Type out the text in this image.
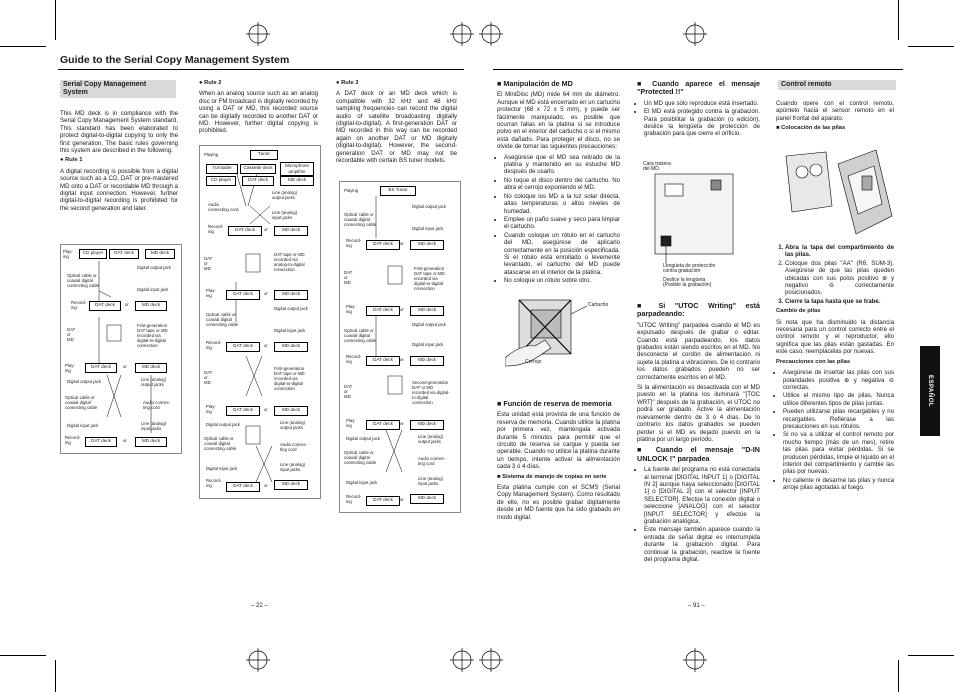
Guide to the Serial Copy Management System
Serial Copy Management System

This MD deck is in compliance with the Serial Copy Management System standard. This standard has been elaborated to protect digital-to-digital copying to only the first generation. The basic rules governing this system are described in the following.

● Rule 1

A digital recording is possible from a digital source such as a CD, DAT or pre-mastered MD onto a DAT or recordable MD through a digital input connection. However, further digital-to-digital recording is prohibited for the second generation and later.

● Rule 2

When an analog source such as an analog disc or FM broadcast is digitally recorded by using a DAT or MD, this recorded source can be digitally recorded to another DAT or MD. However, further digital copying is prohibited.

● Rule 3

A DAT deck or an MD deck which is compatible with 32 kHz and 48 kHz sampling frequencies can record the digital audio of satellite broadcasting digitally (digital-to-digital). A first-generation DAT or MD recorded in this way can be recorded again on another DAT or MD digitally (digital-to-digital). However, the second-generation DAT or MD may not be recordable with certain BS tuner models.

Play-
ing
CD player	DAT deck	MD deck
Digital output jack
Optical cable or
coaxial digital
connecting cable
Digital input jack
Record-
ing
DAT deck	or	MD deck
DAT
or
MD
First-generation
DAT tape or MD
recorded via
digital-to-digital
connection
Play-
ing
DAT deck	or	MD deck
Digital output jack	Line (analog)
output jacks
Optical cable or
coaxial digital
connecting cable
Audio connec-
ting cord
Digital input jack	Line (analog)
input jacks
Record-
ing	DAT deck	or	MD deck
Playing	Tuner
Turntable	Cassette deck	Microphone amplifier
CD player	DAT deck	MD deck
Line (analog)
output jacks
Audio
connecting cord
Line (analog)
input jacks
Record-
ing	DAT deck	or	MD deck
DAT
or
MD
DAT tape or MD
recorded via
analog-to-digital
connection
Play-
ing	DAT deck	or	MD deck
Digital output jack
Optical cable or
coaxial digital
connecting cable
Digital input jack
Record-
ing	DAT deck	or	MD deck
DAT
or
MD
First-generation
DAT tape or MD
recorded via
digital-to-digital
connection
Play-
ing	DAT deck	or	MD deck
Digital output jack	Line (analog)
output jacks
Optical cable or
coaxial digital
connecting cable
Audio connec-
ting cord
Digital input jack
Line (analog)
input jacks
Record-
ing	DAT deck	or	MD deck
Playing	BS Tuner
Digital output jack
Optical cable or
coaxial digital
connecting cable
Digital input jack
Record-
ing	DAT deck	or	MD deck
DAT
or
MD
First-generation
DAT tape or MD
recorded via
digital-to-digital
connection
Play-
ing	DAT deck	or	MD deck
Digital output jack
Optical cable or
coaxial digital
connecting cable
Digital input jack
Record-
ing	DAT deck	or	MD deck
DAT
or
MD
Second-generation
DAT or MD
recorded via digital-
to-digital
connection
Play-
ing	DAT deck	or	MD deck
Digital output jack	Line (analog)
output jacks
Optical cable or
coaxial digital
connecting cable
Audio connec-
ting cord
Digital input jack
Line (analog)
input jacks
Record-
ing	DAT deck	or	MD deck
– 22 –

■ Manipulación de MD

El MiniDisc (MD) mide 64 mm de diámetro. Aunque el MD está encerrado en un cartucho protector (68 x 72 x 5 mm), y puede ser fácilmente manipulado, es posible que ocurran fallas en la platina si se introduce polvo en el interior del cartucho o si el mismo está dañado. Para proteger el disco, no se olvide de tomar las siguientes precauciones:

• Asegúrese que el MD sea retirado de la platina y mantenido en su estuche MD después de usarlo.
• No toque el disco dentro del cartucho. No abra el cerrojo exponiendo el MD.
• No coloque los MD a la luz solar directa, altas temperaturas o altos niveles de humedad.
• Emplee un paño suave y seco para limpiar el cartucho.
• Cuando coloque un rótulo en el cartucho del MD, asegúrese de aplicarlo correctamente en la posición especificada. Si el rótulo está enrollado o levemente levantado, el cartucho del MD puede atascarse en el interior de la platina.
• No coloque un rótulo sobre otro.
Cartucho
Cerrojo

■ Función de reserva de memoria

Esta unidad está provista de una función de reserva de memoria. Cuando utilice la platina por primera vez, manténgala activada durante 5 minutos para permitir que el circuito de reserva se cargue y pueda ser operable. Cuando no utilice la platina durante un tiempo, intente activar la alimentación cada 3 ó 4 días.

■ Sistema de manejo de copias en serie

Esta platina cumple con el SCMS (Serial Copy Management System). Como resultado de ello, no es posible grabar digitalmente desde un MD fuente que ha sido grabado en modo digital.

■ Cuando aparece el mensaje "Protected !!"

• Un MD que sólo reproduce está insertado.
• El MD está protegido contra la grabación. Para posibilitar la grabación (o edición), deslice la lengüeta de protección de grabación para que cierre el orificio.
Cara trasera
del MD
Lengüeta de protección
contra grabación
Deslice la lengüeta
(Posible la grabación)

■ Si "UTOC Writing" está parpadeando:

"UTOC Writing" parpadea cuando el MD es expulsado después de grabar o editar. Cuando está parpadeando, los datos grabados están siendo escritos en el MD. No desconecte el cordón de alimentación ni sujete la platina a vibraciones. De lo contrario los datos grabados pueden no ser correctamente escritos en el MD.

Si la alimentación es desactivada con el MD puesto en la platina los iluminará "[TOC WRT]" después de la grabación, el UTOC no podrá ser grabado. Active la alimentación nuevamente dentro de 3 ó 4 días. De lo contrario los datos grabados se pueden perder si el MD es dejado puesto en la platina por un largo período.

■ Cuando el mensaje "D-IN UNLOCK !" parpadea

• La fuente del programa no está conectada al terminal [DIGITAL INPUT 1] o [DIGITAL IN 2] aunque haya seleccionado [DIGITAL 1] o [DIGITAL 2] con el selector [INPUT SELECTOR]. Efectúe la conexión digital o seleccione [ANALOG] con el selector [INPUT SELECTOR] y efectúe la grabación analógica.
• Este mensaje también aparece cuando la entrada de señal digital es interrumpida durante la grabación digital. Para continuar la grabación, reactive la fuente del programa digital.
– 91 –
Control remoto

Cuando opere con el control remoto, apúntelo hacia el sensor remoto en el panel frontal del aparato.

■ Colocación de las pilas

1. Abra la tapa del compartimiento de las pilas.
2. Coloque dos pilas "AA" (R6, SUM-3). Asegúrese de que las pilas queden ubicadas con sus polos positivo ⊕ y negativo ⊖ correctamente posicionados.
3. Cierre la tapa hasta que se trabe.

Cambio de pilas

Si nota que ha disminuido la distancia necesaria para un control correcto entre el control remoto y el reproductor, ello significa que las pilas están gastadas. En este caso, reemplácelas por nuevas.

Precauciones con las pilas

• Asegúrese de insertar las pilas con sus polaridades positiva ⊕ y negativa ⊖ correctas.
• Utilice el mismo tipo de pilas. Nunca utilice diferentes tipos de pilas juntas.
• Pueden utilizarse pilas recargables y no recargables. Refiérase a las precauciones en sus rótulos.
• Si no va a utilizar el control remoto por mucho tiempo (más de un mes), retire las pilas para evitar pérdidas. Si se producen pérdidas, limpie el líquido en el interior del compartimiento y cambie las pilas por nuevas.
• No caliente ni desarme las pilas y nunca arroje pilas agotadas al fuego.
ESPAÑOL
